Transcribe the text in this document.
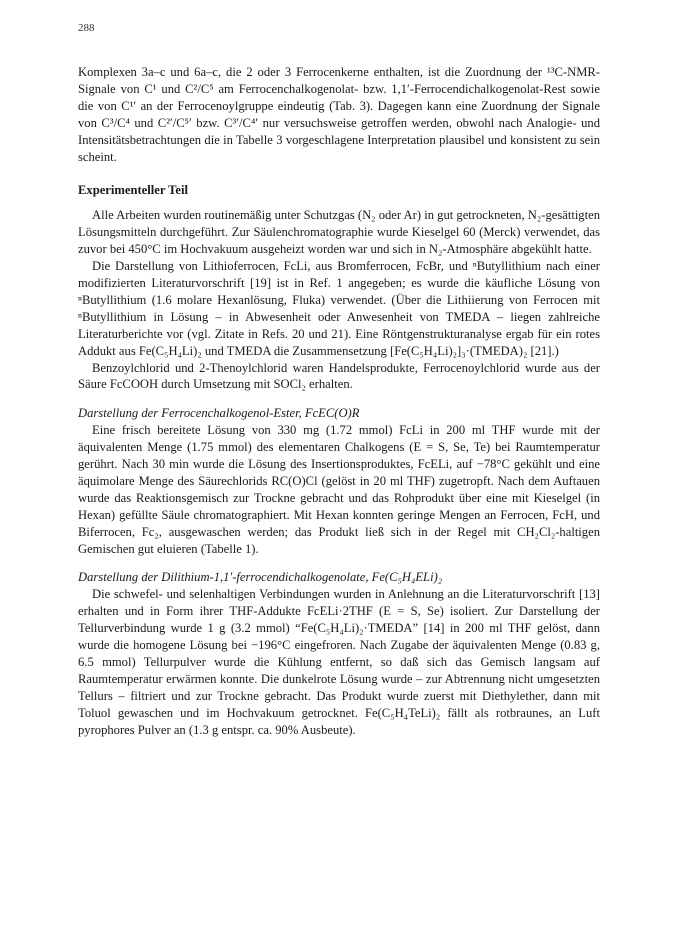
288

Komplexen 3a–c und 6a–c, die 2 oder 3 Ferrocenkerne enthalten, ist die Zuordnung der ¹³C-NMR-Signale von C¹ und C²/C⁵ am Ferrocenchalkogenolat- bzw. 1,1′-Ferrocendichalkogenolat-Rest sowie die von C¹′ an der Ferrocenoylgruppe eindeutig (Tab. 3). Dagegen kann eine Zuordnung der Signale von C³/C⁴ und C²′/C⁵′ bzw. C³′/C⁴′ nur versuchsweise getroffen werden, obwohl nach Analogie- und Intensitätsbetrachtungen die in Tabelle 3 vorgeschlagene Interpretation plausibel und konsistent zu sein scheint.

Experimenteller Teil

Alle Arbeiten wurden routinemäßig unter Schutzgas (N₂ oder Ar) in gut getrockneten, N₂-gesättigten Lösungsmitteln durchgeführt. Zur Säulenchromatographie wurde Kieselgel 60 (Merck) verwendet, das zuvor bei 450°C im Hochvakuum ausgeheizt worden war und sich in N₂-Atmosphäre abgekühlt hatte.

Die Darstellung von Lithioferrocen, FcLi, aus Bromferrocen, FcBr, und ⁿButyllithium nach einer modifizierten Literaturvorschrift [19] ist in Ref. 1 angegeben; es wurde die käufliche Lösung von ⁿButyllithium (1.6 molare Hexanlösung, Fluka) verwendet. (Über die Lithiierung von Ferrocen mit ⁿButyllithium in Lösung – in Abwesenheit oder Anwesenheit von TMEDA – liegen zahlreiche Literaturberichte vor (vgl. Zitate in Refs. 20 und 21). Eine Röntgenstrukturanalyse ergab für ein rotes Addukt aus Fe(C₅H₄Li)₂ und TMEDA die Zusammensetzung [Fe(C₅H₄Li)₂]₃·(TMEDA)₂ [21].)

Benzoylchlorid und 2-Thenoylchlorid waren Handelsprodukte, Ferrocenoylchlorid wurde aus der Säure FcCOOH durch Umsetzung mit SOCl₂ erhalten.

Darstellung der Ferrocenchalkogenol-Ester, FcEC(O)R

Eine frisch bereitete Lösung von 330 mg (1.72 mmol) FcLi in 200 ml THF wurde mit der äquivalenten Menge (1.75 mmol) des elementaren Chalkogens (E = S, Se, Te) bei Raumtemperatur gerührt. Nach 30 min wurde die Lösung des Insertionsproduktes, FcELi, auf −78°C gekühlt und eine äquimolare Menge des Säurechlorids RC(O)Cl (gelöst in 20 ml THF) zugetropft. Nach dem Auftauen wurde das Reaktionsgemisch zur Trockne gebracht und das Rohprodukt über eine mit Kieselgel (in Hexan) gefüllte Säule chromatographiert. Mit Hexan konnten geringe Mengen an Ferrocen, FcH, und Biferrocen, Fc₂, ausgewaschen werden; das Produkt ließ sich in der Regel mit CH₂Cl₂-haltigen Gemischen gut eluieren (Tabelle 1).

Darstellung der Dilithium-1,1′-ferrocendichalkogenolate, Fe(C₅H₄ELi)₂

Die schwefel- und selenhaltigen Verbindungen wurden in Anlehnung an die Literaturvorschrift [13] erhalten und in Form ihrer THF-Addukte FcELi·2THF (E = S, Se) isoliert. Zur Darstellung der Tellurverbindung wurde 1 g (3.2 mmol) “Fe(C₅H₄Li)₂·TMEDA” [14] in 200 ml THF gelöst, dann wurde die homogene Lösung bei −196°C eingefroren. Nach Zugabe der äquivalenten Menge (0.83 g, 6.5 mmol) Tellurpulver wurde die Kühlung entfernt, so daß sich das Gemisch langsam auf Raumtemperatur erwärmen konnte. Die dunkelrote Lösung wurde – zur Abtrennung nicht umgesetzten Tellurs – filtriert und zur Trockne gebracht. Das Produkt wurde zuerst mit Diethylether, dann mit Toluol gewaschen und im Hochvakuum getrocknet. Fe(C₅H₄TeLi)₂ fällt als rotbraunes, an Luft pyrophores Pulver an (1.3 g entspr. ca. 90% Ausbeute).
